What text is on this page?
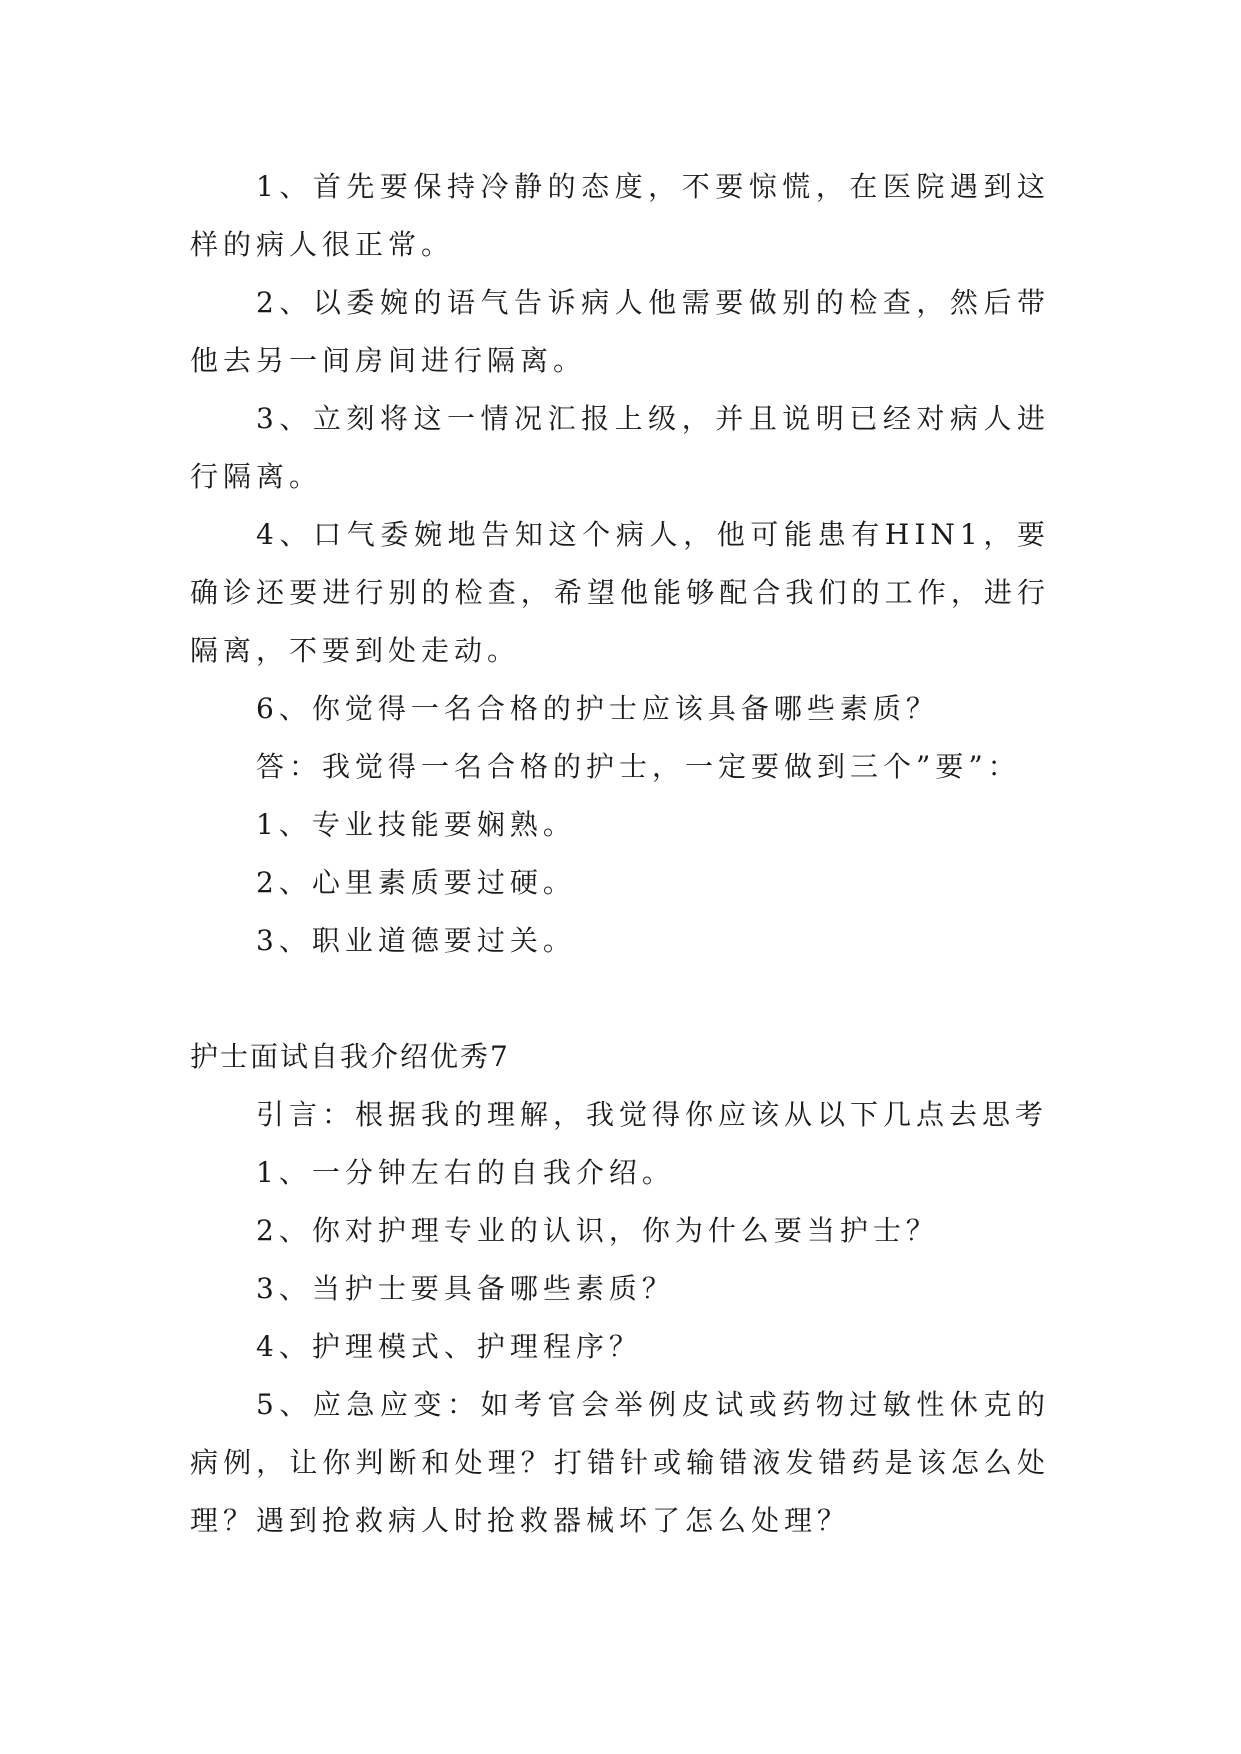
1、首先要保持冷静的态度，不要惊慌，在医院遇到这样的病人很正常。

2、以委婉的语气告诉病人他需要做别的检查，然后带他去另一间房间进行隔离。

3、立刻将这一情况汇报上级，并且说明已经对病人进行隔离。

4、口气委婉地告知这个病人，他可能患有HIN1，要确诊还要进行别的检查，希望他能够配合我们的工作，进行隔离，不要到处走动。

6、你觉得一名合格的护士应该具备哪些素质？

答：我觉得一名合格的护士，一定要做到三个”要”：

1、专业技能要娴熟。

2、心里素质要过硬。

3、职业道德要过关。

护士面试自我介绍优秀7

引言：根据我的理解，我觉得你应该从以下几点去思考

1、一分钟左右的自我介绍。

2、你对护理专业的认识，你为什么要当护士？

3、当护士要具备哪些素质？

4、护理模式、护理程序？

5、应急应变：如考官会举例皮试或药物过敏性休克的病例，让你判断和处理？打错针或输错液发错药是该怎么处理？遇到抢救病人时抢救器械坏了怎么处理？
